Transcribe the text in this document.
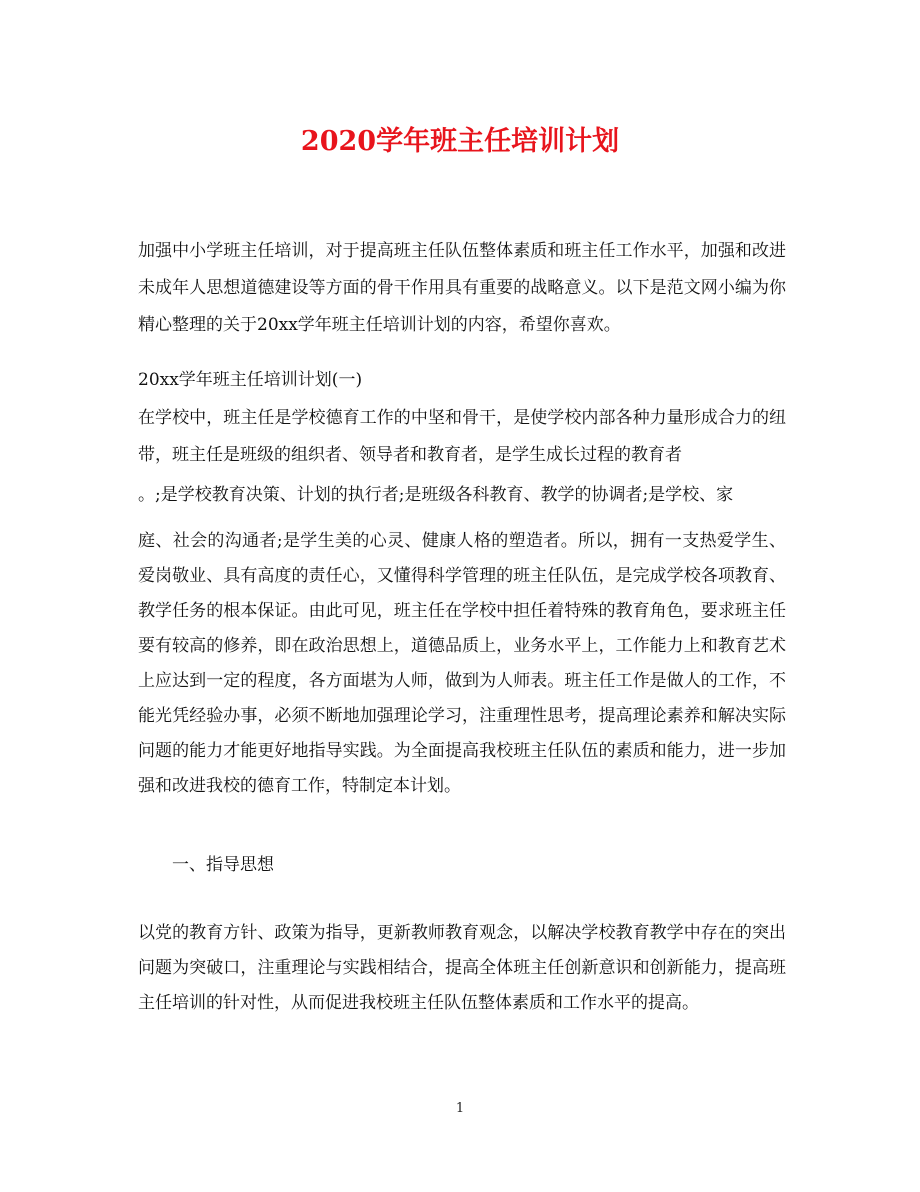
2020学年班主任培训计划

加强中小学班主任培训，对于提高班主任队伍整体素质和班主任工作水平，加强和改进未成年人思想道德建设等方面的骨干作用具有重要的战略意义。以下是范文网小编为你精心整理的关于20xx学年班主任培训计划的内容，希望你喜欢。

20xx学年班主任培训计划(一)

在学校中，班主任是学校德育工作的中坚和骨干，是使学校内部各种力量形成合力的纽带，班主任是班级的组织者、领导者和教育者，是学生成长过程的教育者

。;是学校教育决策、计划的执行者;是班级各科教育、教学的协调者;是学校、家

庭、社会的沟通者;是学生美的心灵、健康人格的塑造者。所以，拥有一支热爱学生、爱岗敬业、具有高度的责任心，又懂得科学管理的班主任队伍，是完成学校各项教育、教学任务的根本保证。由此可见，班主任在学校中担任着特殊的教育角色，要求班主任要有较高的修养，即在政治思想上，道德品质上，业务水平上，工作能力上和教育艺术上应达到一定的程度，各方面堪为人师，做到为人师表。班主任工作是做人的工作，不能光凭经验办事，必须不断地加强理论学习，注重理性思考，提高理论素养和解决实际问题的能力才能更好地指导实践。为全面提高我校班主任队伍的素质和能力，进一步加强和改进我校的德育工作，特制定本计划。

一、指导思想

以党的教育方针、政策为指导，更新教师教育观念，以解决学校教育教学中存在的突出问题为突破口，注重理论与实践相结合，提高全体班主任创新意识和创新能力，提高班主任培训的针对性，从而促进我校班主任队伍整体素质和工作水平的提高。

1
